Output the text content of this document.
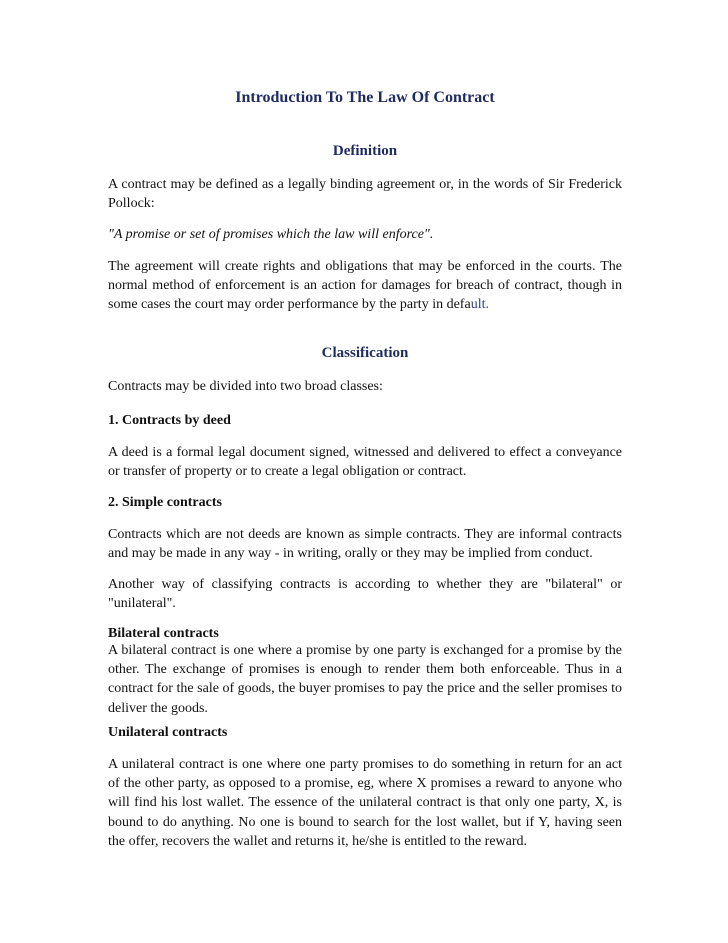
Introduction To The Law Of Contract
Definition

A contract may be defined as a legally binding agreement or, in the words of Sir Frederick Pollock:

"A promise or set of promises which the law will enforce".

The agreement will create rights and obligations that may be enforced in the courts. The normal method of enforcement is an action for damages for breach of contract, though in some cases the court may order performance by the party in default.

Classification

Contracts may be divided into two broad classes:

1. Contracts by deed

A deed is a formal legal document signed, witnessed and delivered to effect a conveyance or transfer of property or to create a legal obligation or contract.

2. Simple contracts

Contracts which are not deeds are known as simple contracts. They are informal contracts and may be made in any way - in writing, orally or they may be implied from conduct.

Another way of classifying contracts is according to whether they are "bilateral" or "unilateral".

Bilateral contracts

A bilateral contract is one where a promise by one party is exchanged for a promise by the other. The exchange of promises is enough to render them both enforceable. Thus in a contract for the sale of goods, the buyer promises to pay the price and the seller promises to deliver the goods.

Unilateral contracts

A unilateral contract is one where one party promises to do something in return for an act of the other party, as opposed to a promise, eg, where X promises a reward to anyone who will find his lost wallet. The essence of the unilateral contract is that only one party, X, is bound to do anything. No one is bound to search for the lost wallet, but if Y, having seen the offer, recovers the wallet and returns it, he/she is entitled to the reward.
